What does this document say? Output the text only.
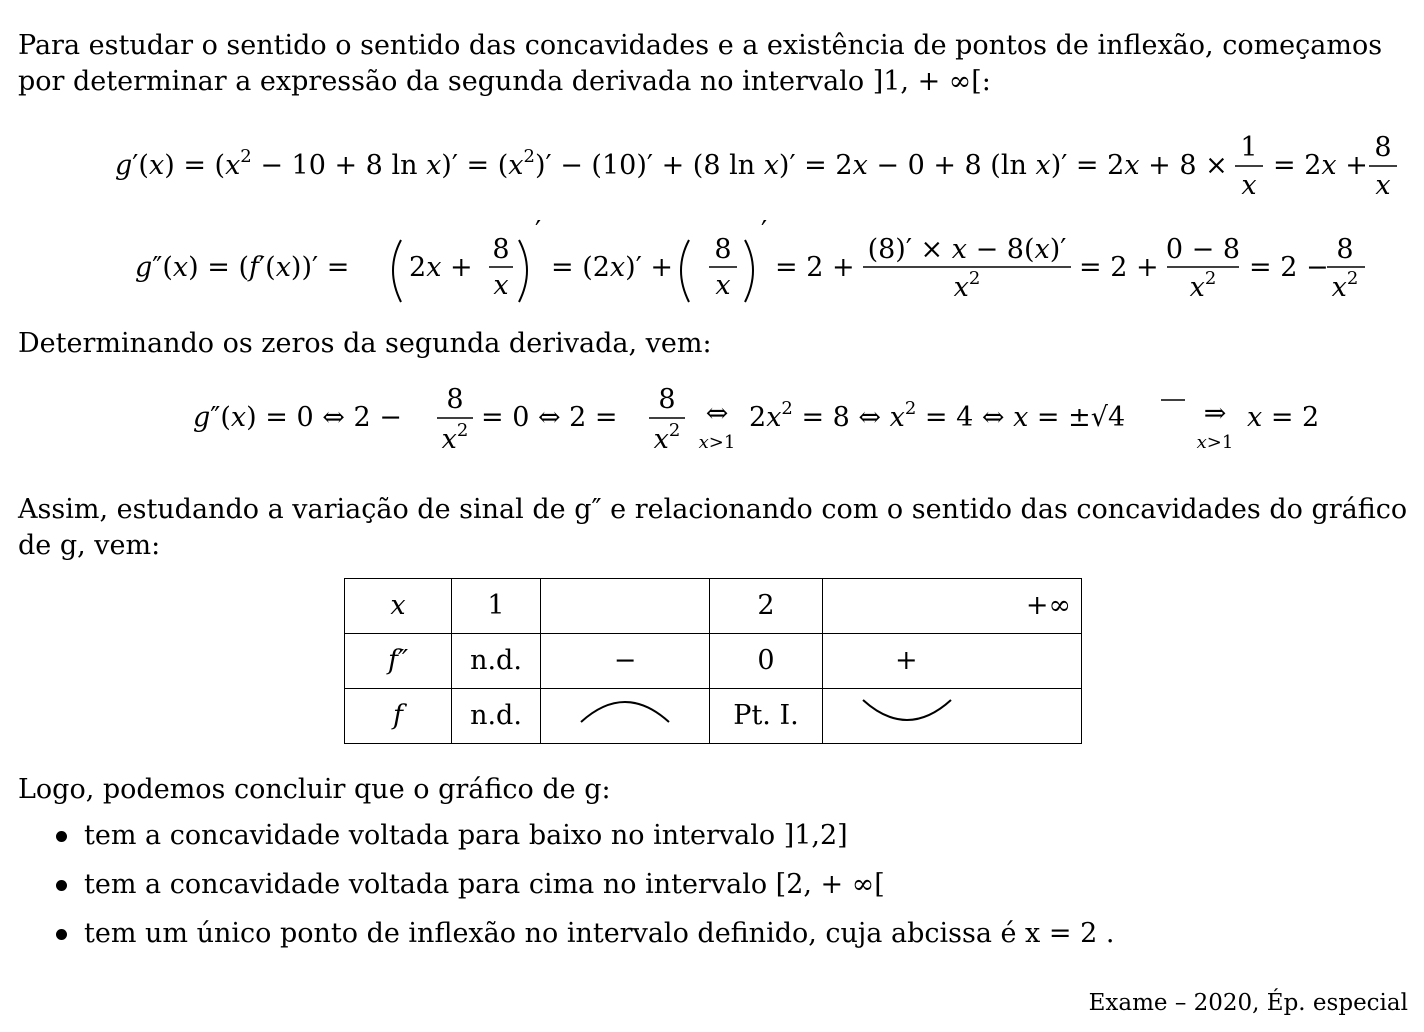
Para estudar o sentido o sentido das concavidades e a existência de pontos de inflexão, começamos por determinar a expressão da segunda derivada no intervalo ]1, + ∞[:

$g'(x) = (x^2 - 10 + 8$ $\ln x)' = (x^2)' - (10)' + (8$ ln x)′ = 2x − 0 + 8 (ln x)′ = 2x + 8 ×
1
x
= 2x +
8
x
g″(x) = (f′(x))′ = 2x +
8
x
′
= (2x)′ +
8
x
′
= 2 +
(8)′ × x − 8(x)′
$x^2$	= 2 +
0 − 8
$x^2 = 2$ −
8
$x^2$

Determinando os zeros da segunda derivada, vem:

g″(x) = 0 ⇔ 2 −
8
$x^2 = 0$ ⇔ 2 =
8
$x^2$
⇔
x>1
$2x^2 = 8$ ⇔ $x^2 = 4$ ⇔ x = ±√4	⇒
x>1
x = 2

Assim, estudando a variação de sinal de g″ e relacionando com o sentido das concavidades do gráfico de g, vem:

x	1		2	+∞
f″	n.d.	−	0	+
f	n.d.		Pt. I.	

Logo, podemos concluir que o gráfico de g:

tem a concavidade voltada para baixo no intervalo ]1,2]
tem a concavidade voltada para cima no intervalo [2, + ∞[
tem um único ponto de inflexão no intervalo definido, cuja abcissa é x = 2 .
Exame – 2020, Ép. especial
